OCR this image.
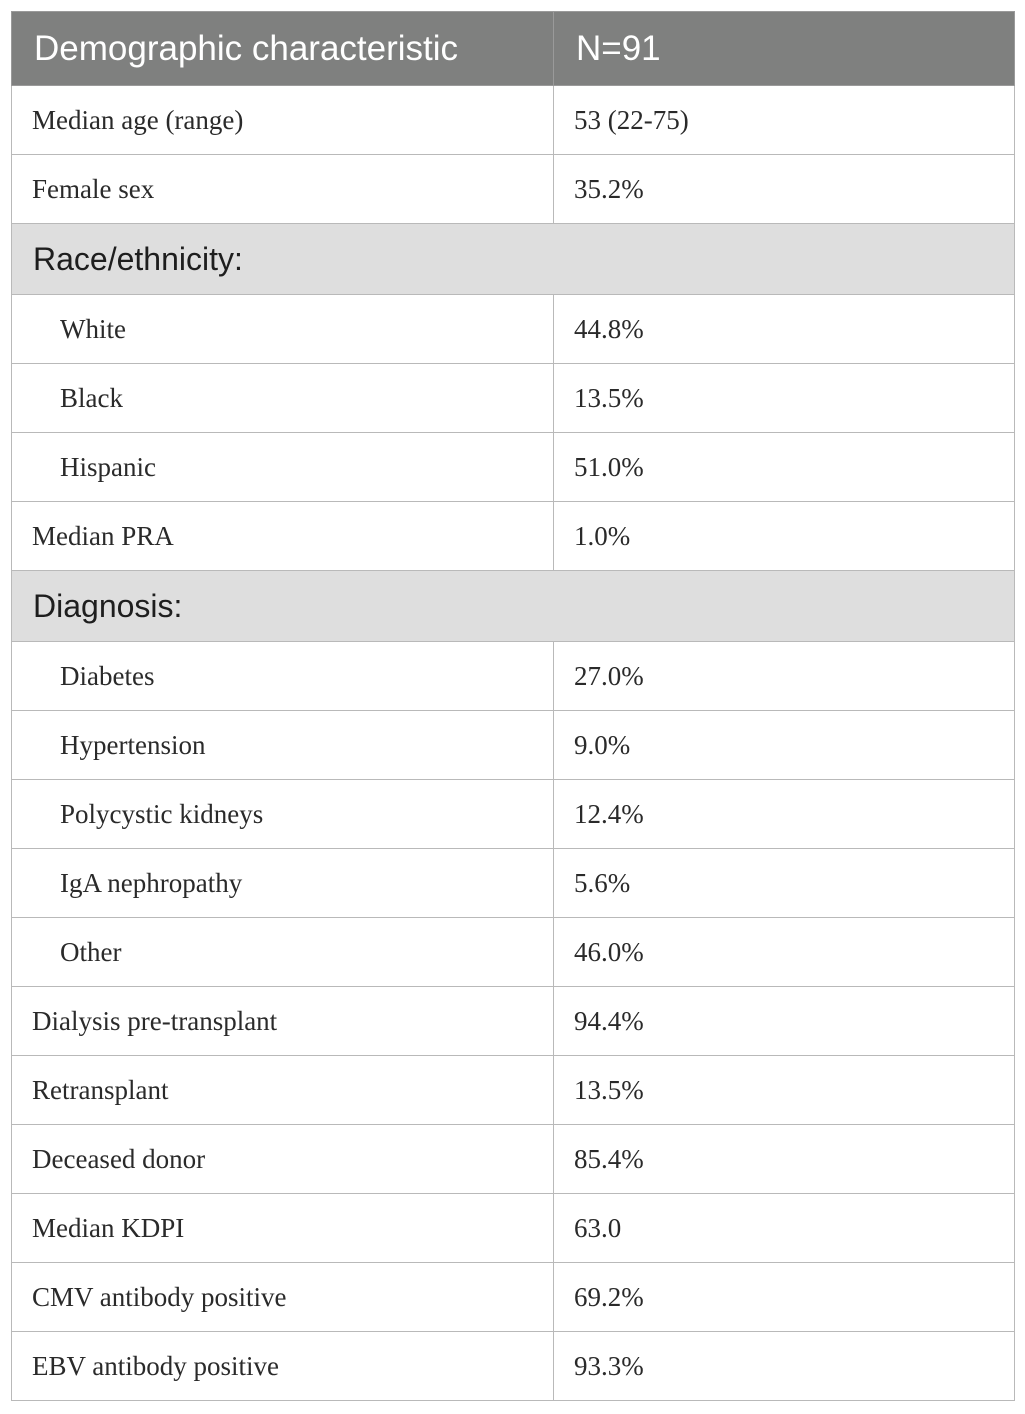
Demographic characteristic	N=91
Median age (range)	53 (22-75)
Female sex	35.2%
Race/ethnicity:	
White	44.8%
Black	13.5%
Hispanic	51.0%
Median PRA	1.0%
Diagnosis:	
Diabetes	27.0%
Hypertension	9.0%
Polycystic kidneys	12.4%
IgA nephropathy	5.6%
Other	46.0%
Dialysis pre-transplant	94.4%
Retransplant	13.5%
Deceased donor	85.4%
Median KDPI	63.0
CMV antibody positive	69.2%
EBV antibody positive	93.3%
